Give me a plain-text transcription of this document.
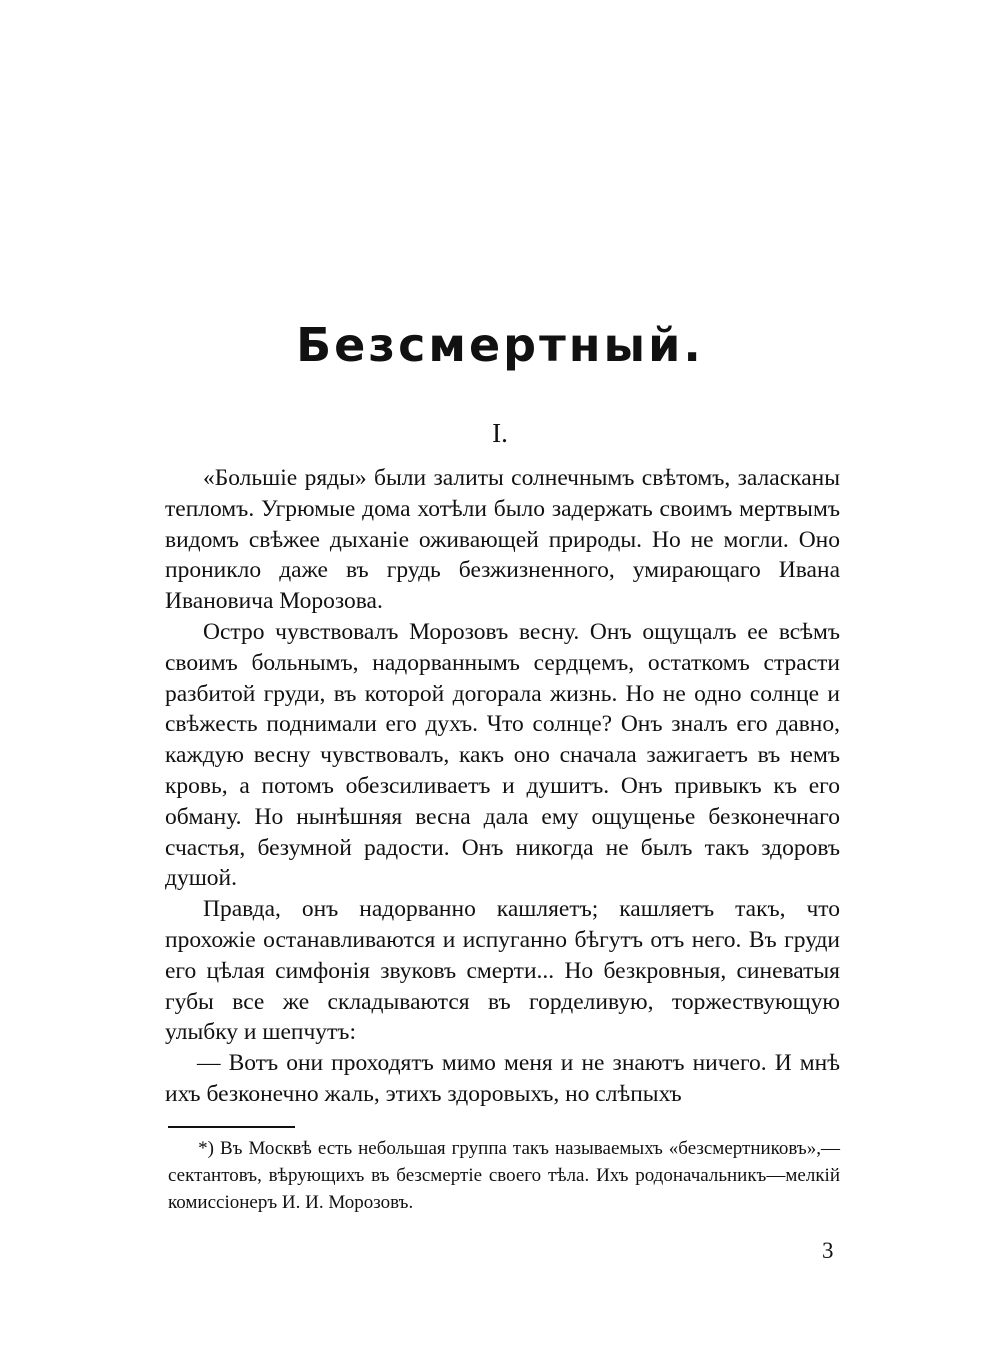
Безсмертный.
I.

«Большіе ряды» были залиты солнечнымъ свѣтомъ, заласканы тепломъ. Угрюмые дома хотѣли было задержать своимъ мертвымъ видомъ свѣжее дыханіе оживающей природы. Но не могли. Оно проникло даже въ грудь безжизненного, умирающаго Ивана Ивановича Морозова.

Остро чувствовалъ Морозовъ весну. Онъ ощущалъ ее всѣмъ своимъ больнымъ, надорваннымъ сердцемъ, остаткомъ страсти разбитой груди, въ которой догорала жизнь. Но не одно солнце и свѣжесть поднимали его духъ. Что солнце? Онъ зналъ его давно, каждую весну чувствовалъ, какъ оно сначала зажигаетъ въ немъ кровь, а потомъ обезсиливаетъ и душитъ. Онъ привыкъ къ его обману. Но нынѣшняя весна дала ему ощущенье безконечнаго счастья, безумной радости. Онъ никогда не былъ такъ здоровъ душой.

Правда, онъ надорванно кашляетъ; кашляетъ такъ, что прохожіе останавливаются и испуганно бѣгутъ отъ него. Въ груди его цѣлая симфонія звуковъ смерти... Но безкровныя, синеватыя губы все же складываются въ горделивую, торжествующую улыбку и шепчутъ:

— Вотъ они проходятъ мимо меня и не знаютъ ничего. И мнѣ ихъ безконечно жаль, этихъ здоровыхъ, но слѣпыхъ

*) Въ Москвѣ есть небольшая группа такъ называемыхъ «безсмертниковъ»,—сектантовъ, вѣрующихъ въ безсмертіе своего тѣла. Ихъ родоначальникъ—мелкій комиссіонеръ И. И. Морозовъ.
3
